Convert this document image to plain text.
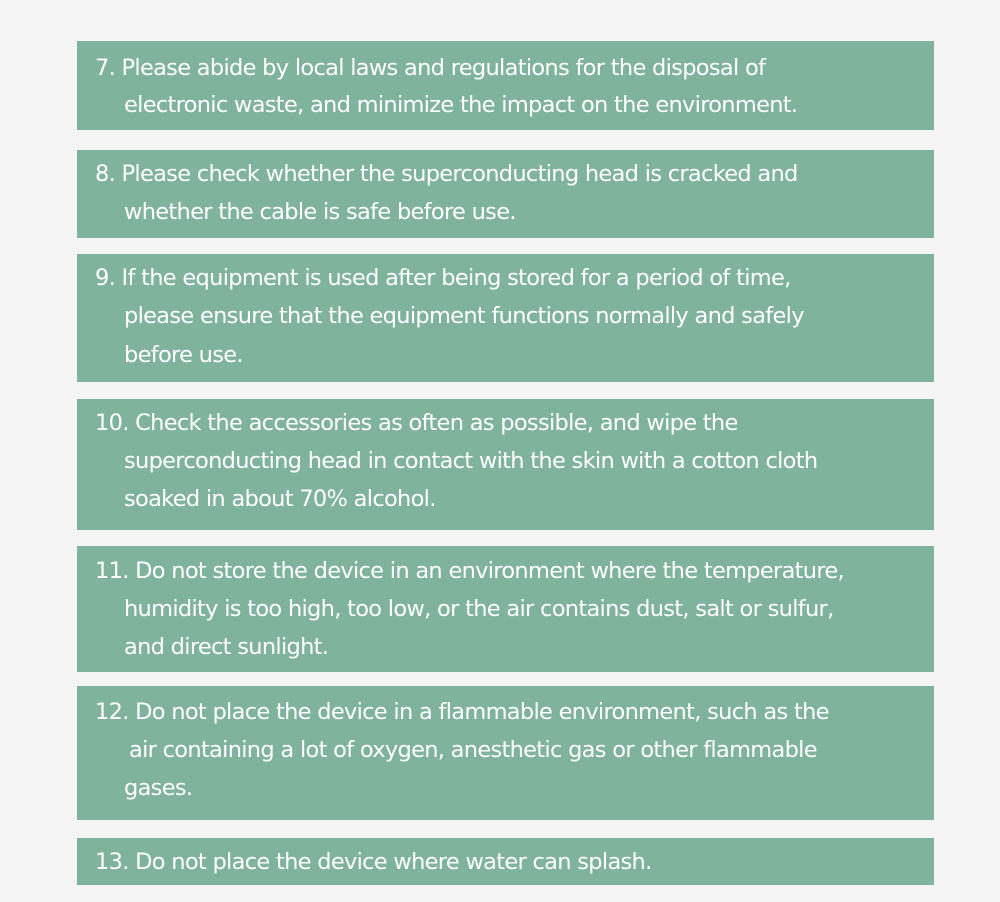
7. Please abide by local laws and regulations for the disposal of
electronic waste, and minimize the impact on the environment.
8. Please check whether the superconducting head is cracked and
whether the cable is safe before use.
9. If the equipment is used after being stored for a period of time,
please ensure that the equipment functions normally and safely
before use.
10. Check the accessories as often as possible, and wipe the
superconducting head in contact with the skin with a cotton cloth
soaked in about 70% alcohol.
11. Do not store the device in an environment where the temperature,
humidity is too high, too low, or the air contains dust, salt or sulfur,
and direct sunlight.
12. Do not place the device in a flammable environment, such as the
air containing a lot of oxygen, anesthetic gas or other flammable
gases.
13. Do not place the device where water can splash.
